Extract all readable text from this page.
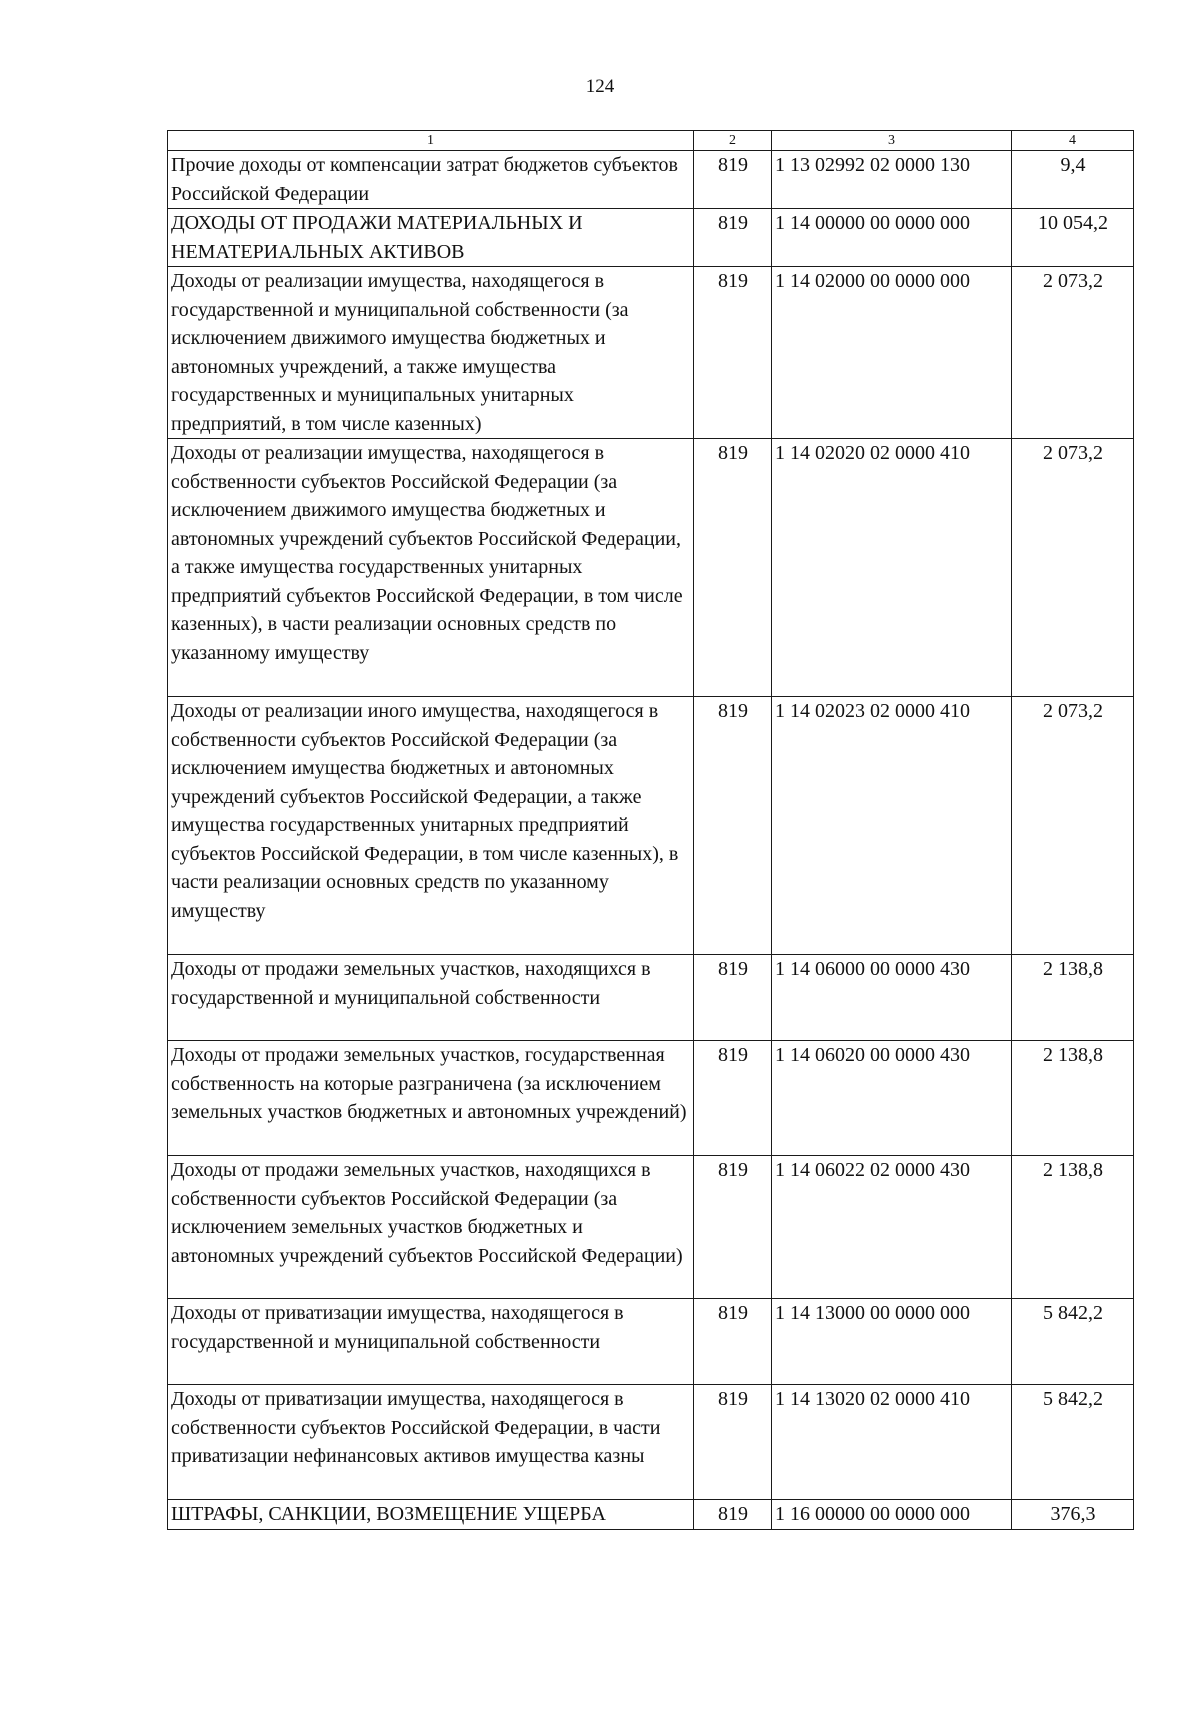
124
1	2	3	4
Прочие доходы от компенсации затрат бюджетов субъектов Российской Федерации	819	1 13 02992 02 0000 130	9,4
ДОХОДЫ ОТ ПРОДАЖИ МАТЕРИАЛЬНЫХ И НЕМАТЕРИАЛЬНЫХ АКТИВОВ	819	1 14 00000 00 0000 000	10 054,2
Доходы от реализации имущества, находящегося в государственной и муниципальной собственности (за исключением движимого имущества бюджетных и автономных учреждений, а также имущества государственных и муниципальных унитарных предприятий, в том числе казенных)	819	1 14 02000 00 0000 000	2 073,2
Доходы от реализации имущества, находящегося в собственности субъектов Российской Федерации (за исключением движимого имущества бюджетных и автономных учреждений субъектов Российской Федерации, а также имущества государственных унитарных предприятий субъектов Российской Федерации, в том числе казенных), в части реализации основных средств по указанному имуществу	819	1 14 02020 02 0000 410	2 073,2
Доходы от реализации иного имущества, находящегося в собственности субъектов Российской Федерации (за исключением имущества бюджетных и автономных учреждений субъектов Российской Федерации, а также имущества государственных унитарных предприятий субъектов Российской Федерации, в том числе казенных), в части реализации основных средств по указанному имуществу	819	1 14 02023 02 0000 410	2 073,2
Доходы от продажи земельных участков, находящихся в государственной и муниципальной собственности	819	1 14 06000 00 0000 430	2 138,8
Доходы от продажи земельных участков, государственная собственность на которые разграничена (за исключением земельных участков бюджетных и автономных учреждений)	819	1 14 06020 00 0000 430	2 138,8
Доходы от продажи земельных участков, находящихся в собственности субъектов Российской Федерации (за исключением земельных участков бюджетных и автономных учреждений субъектов Российской Федерации)	819	1 14 06022 02 0000 430	2 138,8
Доходы от приватизации имущества, находящегося в государственной и муниципальной собственности	819	1 14 13000 00 0000 000	5 842,2
Доходы от приватизации имущества, находящегося в собственности субъектов Российской Федерации, в части приватизации нефинансовых активов имущества казны	819	1 14 13020 02 0000 410	5 842,2
ШТРАФЫ, САНКЦИИ, ВОЗМЕЩЕНИЕ УЩЕРБА	819	1 16 00000 00 0000 000	376,3
